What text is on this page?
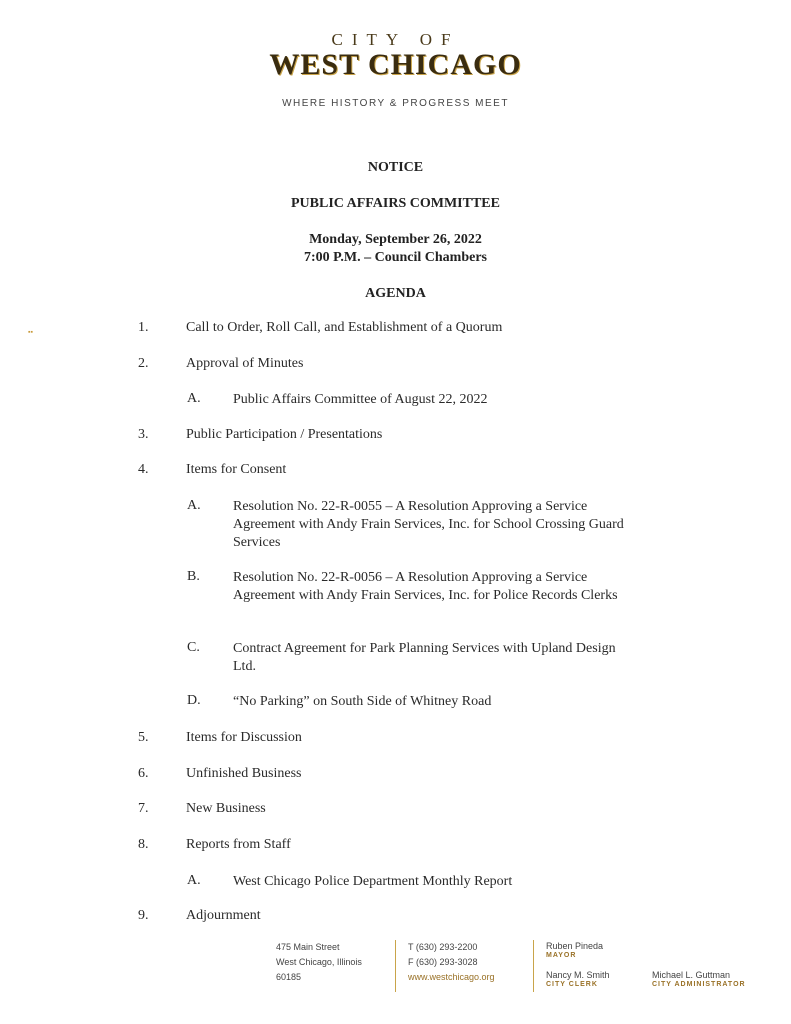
CITY OF
WEST CHICAGO
WHERE HISTORY & PROGRESS MEET
NOTICE
PUBLIC AFFAIRS COMMITTEE
Monday, September 26, 2022
7:00 P.M. – Council Chambers
AGENDA
▪▪	1.	Call to Order, Roll Call, and Establishment of a Quorum
2.	Approval of Minutes
A. Public Affairs Committee of August 22, 2022
3.	Public Participation / Presentations
4.	Items for Consent
A. Resolution No. 22-R-0055 – A Resolution Approving a Service Agreement with Andy Frain Services, Inc. for School Crossing Guard Services
B. Resolution No. 22-R-0056 – A Resolution Approving a Service Agreement with Andy Frain Services, Inc. for Police Records Clerks
C. Contract Agreement for Park Planning Services with Upland Design Ltd.
D. “No Parking” on South Side of Whitney Road
5.	Items for Discussion
6.	Unfinished Business
7.	New Business
8.	Reports from Staff
A. West Chicago Police Department Monthly Report
9.	Adjournment
475 Main Street
West Chicago, Illinois
60185
T (630) 293-2200
F (630) 293-3028
www.westchicago.org
Ruben Pineda
MAYOR
Nancy M. Smith
CITY CLERK
Michael L. Guttman
CITY ADMINISTRATOR
